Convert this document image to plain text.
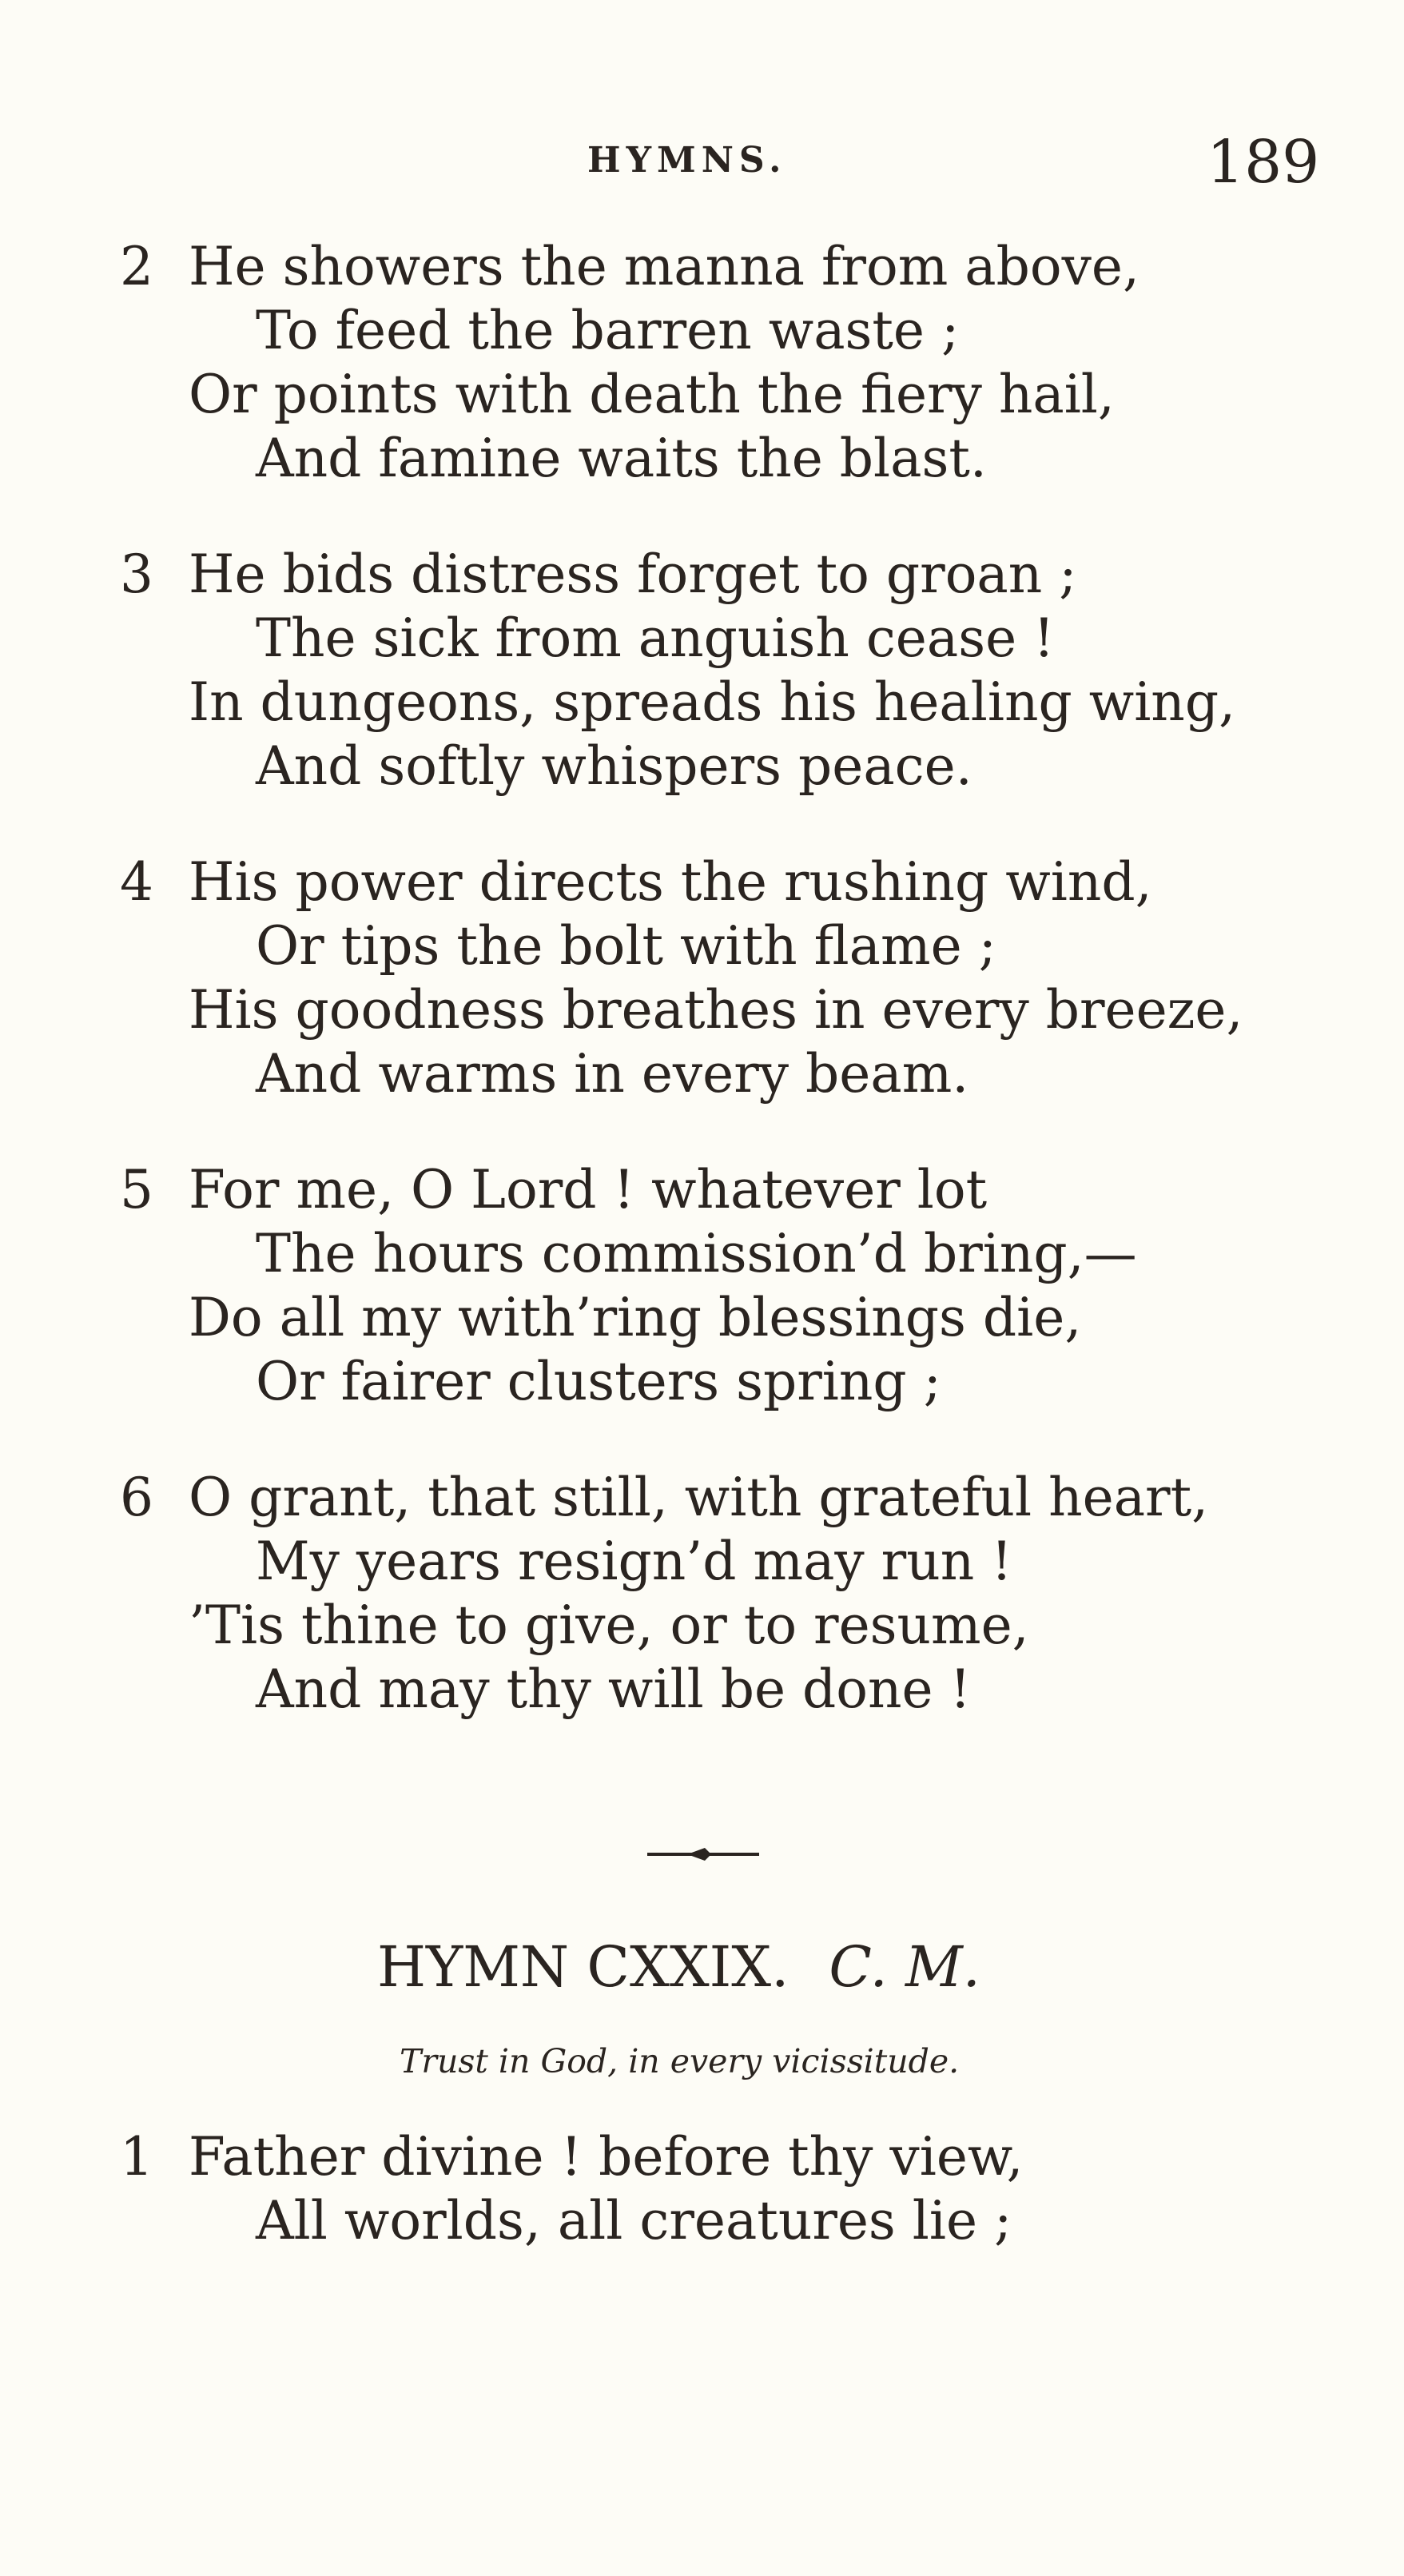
HYMNS.	189
2 He showers the manna from above,
To feed the barren waste ;
Or points with death the fiery hail,
And famine waits the blast.
3 He bids distress forget to groan ;
The sick from anguish cease !
In dungeons, spreads his healing wing,
And softly whispers peace.
4 His power directs the rushing wind,
Or tips the bolt with flame ;
His goodness breathes in every breeze,
And warms in every beam.
5 For me, O Lord ! whatever lot
The hours commission’d bring,—
Do all my with’ring blessings die,
Or fairer clusters spring ;
6 O grant, that still, with grateful heart,
My years resign’d may run !
’Tis thine to give, or to resume,
And may thy will be done !
HYMN CXXIX. C. M.
Trust in God, in every vicissitude.
1 Father divine ! before thy view,
All worlds, all creatures lie ;
